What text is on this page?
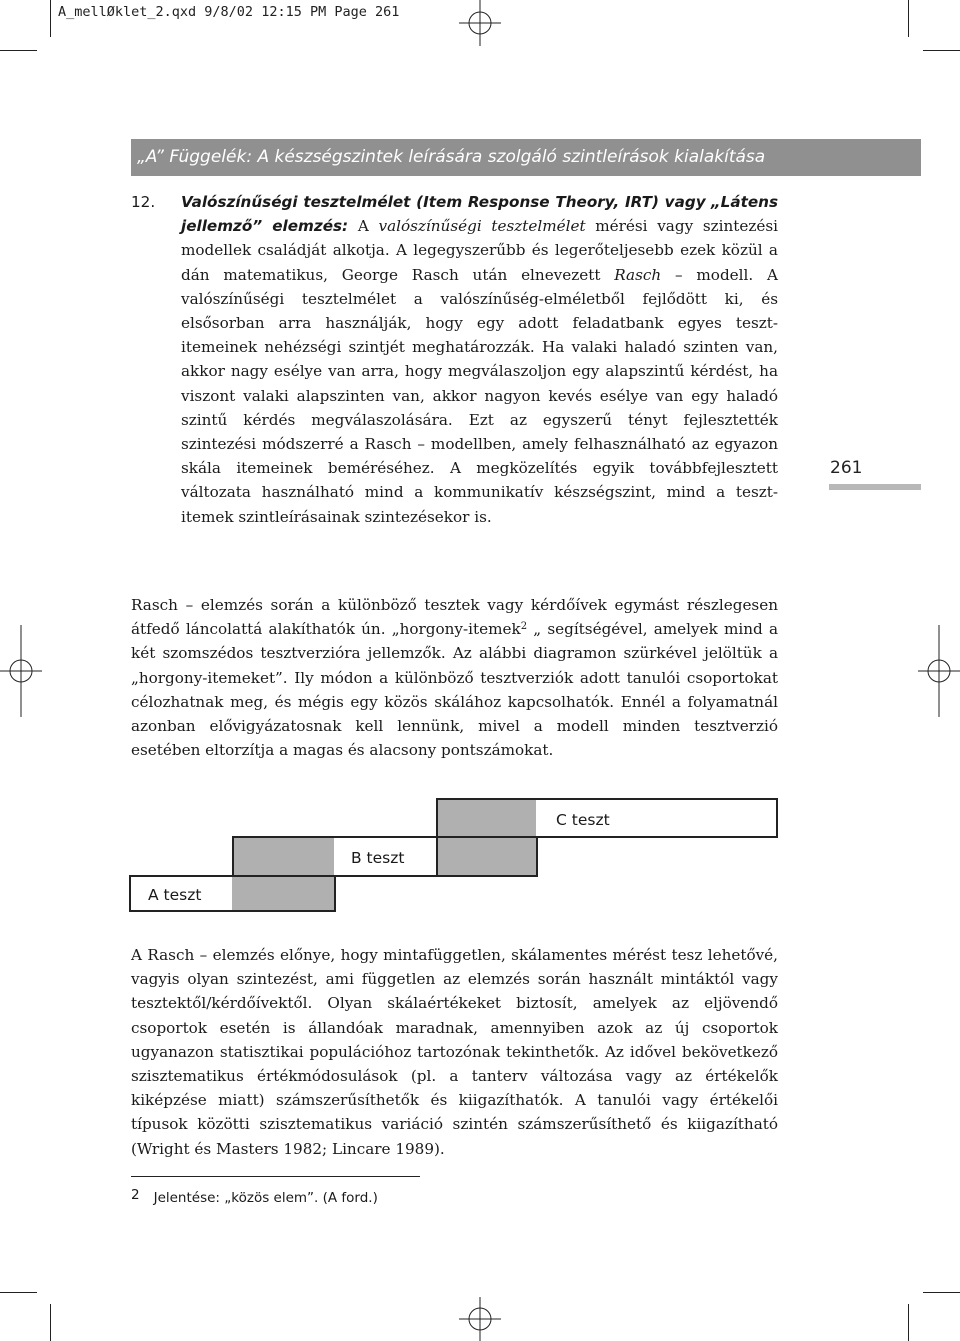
A_mellØklet_2.qxd 9/8/02 12:15 PM Page 261
„A” Függelék: A készségszintek leírására szolgáló szintleírások kialakítása
261

12. Valószínűségi tesztelmélet (Item Response Theory, IRT) vagy „Látens jellemző” elemzés: A valószínűségi tesztelmélet mérési vagy szintezési modellek családját alkotja. A legegyszerűbb és legerőteljesebb ezek közül a dán matematikus, George Rasch után elnevezett Rasch – modell. A valószínűségi tesztelmélet a valószínűség-elméletből fejlődött ki, és elsősorban arra használják, hogy egy adott feladatbank egyes teszt-itemeinek nehézségi szintjét meghatározzák. Ha valaki haladó szinten van, akkor nagy esélye van arra, hogy megválaszoljon egy alapszintű kérdést, ha viszont valaki alapszinten van, akkor nagyon kevés esélye van egy haladó szintű kérdés megválaszolására. Ezt az egyszerű tényt fejlesztették szintezési módszerré a Rasch – modellben, amely felhasználható az egyazon skála itemeinek beméréséhez. A megközelítés egyik továbbfejlesztett változata használható mind a kommunikatív készségszint, mind a teszt-itemek szintleírásainak szintezésekor is.

Rasch – elemzés során a különböző tesztek vagy kérdőívek egymást részlegesen átfedő láncolattá alakíthatók ún. „horgony-itemek$^2$ „ segítségével, amelyek mind a két szomszédos tesztverzióra jellemzők. Az alábbi diagramon szürkével jelöltük a „horgony-itemeket”. Ily módon a különböző tesztverziók adott tanulói csoportokat célozhatnak meg, és mégis egy közös skálához kapcsolhatók. Ennél a folyamatnál azonban elővigyázatosnak kell lennünk, mivel a modell minden tesztverzió esetében eltorzítja a magas és alacsony pontszámokat.

A teszt
B teszt
C teszt

A Rasch – elemzés előnye, hogy mintafüggetlen, skálamentes mérést tesz lehetővé, vagyis olyan szintezést, ami független az elemzés során használt mintáktól vagy tesztektől/kérdőívektől. Olyan skálaértékeket biztosít, amelyek az eljövendő csoportok esetén is állandóak maradnak, amennyiben azok az új csoportok ugyanazon statisztikai populációhoz tartozónak tekinthetők. Az idővel bekövetkező szisztematikus értékmódosulások (pl. a tanterv változása vagy az értékelők kiképzése miatt) számszerűsíthetők és kiigazíthatók. A tanulói vagy értékelői típusok közötti szisztematikus variáció szintén számszerűsíthető és kiigazítható (Wright és Masters 1982; Lincare 1989).

2 Jelentése: „közös elem”. (A ford.)
